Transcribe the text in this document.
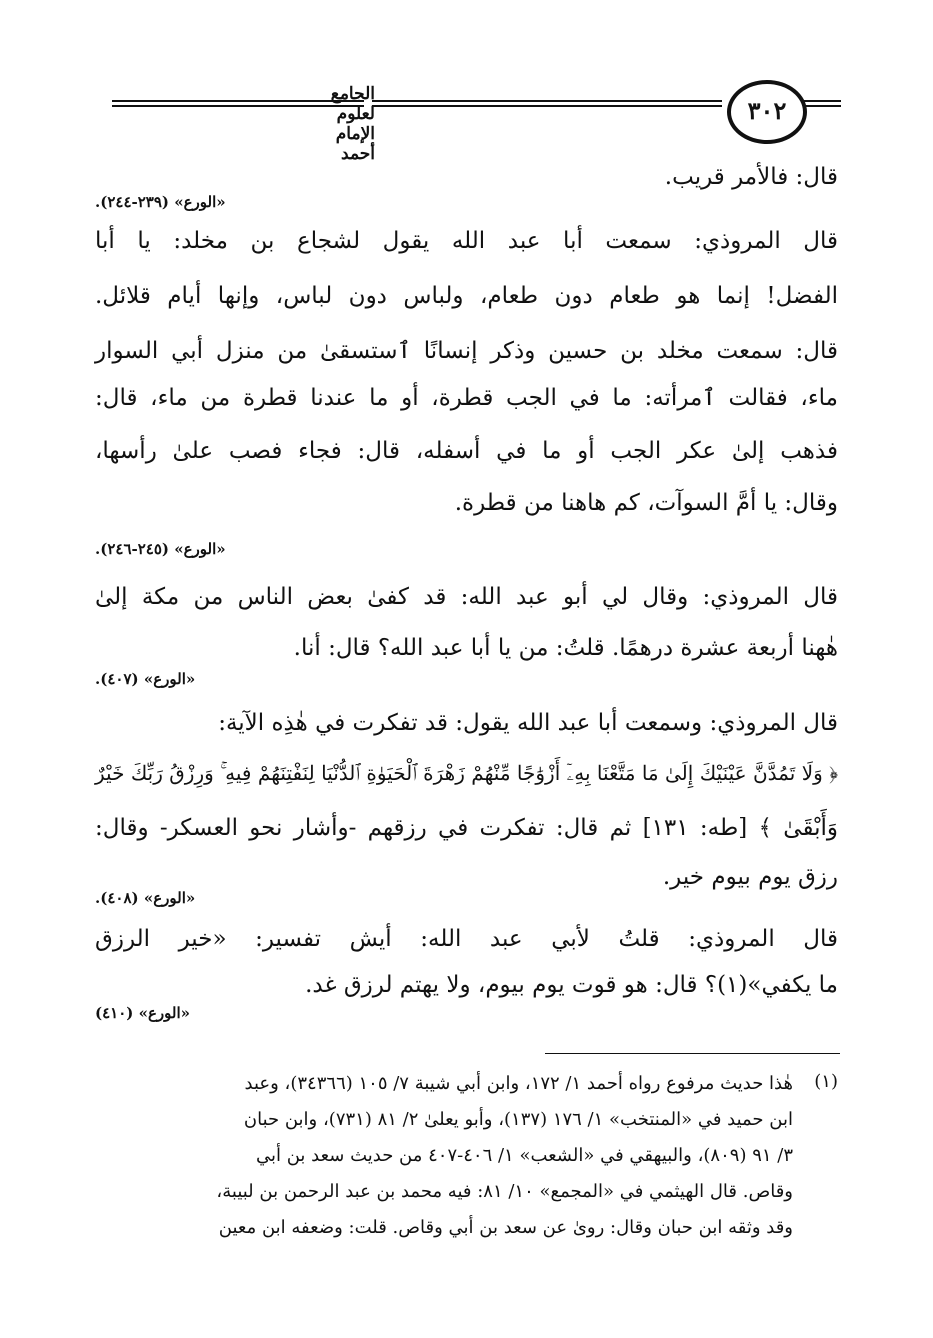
الجامع لعلوم الإمام أحمد
٣٠٢
قال: فالأمر قريب.
«الورع» (٢٣٩-٢٤٤).
قال المروذي: سمعت أبا عبد الله يقول لشجاع بن مخلد: يا أبا
الفضل! إنما هو طعام دون طعام، ولباس دون لباس، وإنها أيام قلائل.
قال: سمعت مخلد بن حسين وذكر إنسانًا ٱستسقىٰ من منزل أبي السوار
ماء، فقالت ٱمرأته: ما في الجب قطرة، أو ما عندنا قطرة من ماء، قال:
فذهب إلىٰ عكر الجب أو ما في أسفله، قال: فجاء فصب علىٰ رأسها،
وقال: يا أمَّ السوآت، كم هاهنا من قطرة.
«الورع» (٢٤٥-٢٤٦).
قال المروذي: وقال لي أبو عبد الله: قد كفىٰ بعض الناس من مكة إلىٰ
هٰهنا أربعة عشرة درهمًا. قلتُ: من يا أبا عبد الله؟ قال: أنا.
«الورع» (٤٠٧).
قال المروذي: وسمعت أبا عبد الله يقول: قد تفكرت في هٰذِه الآية:
﴿ وَلَا تَمُدَّنَّ عَيْنَيْكَ إِلَىٰ مَا مَتَّعْنَا بِهِۦٓ أَزْوَٰجًا مِّنْهُمْ زَهْرَةَ ٱلْحَيَوٰةِ ٱلدُّنْيَا لِنَفْتِنَهُمْ فِيهِ ۚ وَرِزْقُ رَبِّكَ خَيْرٌ
وَأَبْقَىٰ ﴾ [طه: ١٣١] ثم قال: تفكرت في رزقهم -وأشار نحو العسكر- وقال:
رزق يوم بيوم خير.
«الورع» (٤٠٨).
قال المروذي: قلتُ لأبي عبد الله: أيش تفسير: «خير الرزق
ما يكفي»(١)؟ قال: هو قوت يوم بيوم، ولا يهتم لرزق غد.
«الورع» (٤١٠)
(١)
هٰذا حديث مرفوع رواه أحمد ١/ ١٧٢، وابن أبي شيبة ٧/ ١٠٥ (٣٤٣٦٦)، وعبد
ابن حميد في «المنتخب» ١/ ١٧٦ (١٣٧)، وأبو يعلىٰ ٢/ ٨١ (٧٣١)، وابن حبان
٣/ ٩١ (٨٠٩)، والبيهقي في «الشعب» ١/ ٤٠٦-٤٠٧ من حديث سعد بن أبي
وقاص. قال الهيثمي في «المجمع» ١٠/ ٨١: فيه محمد بن عبد الرحمن بن لبيبة،
وقد وثقه ابن حبان وقال: روىٰ عن سعد بن أبي وقاص. قلت: وضعفه ابن معين
